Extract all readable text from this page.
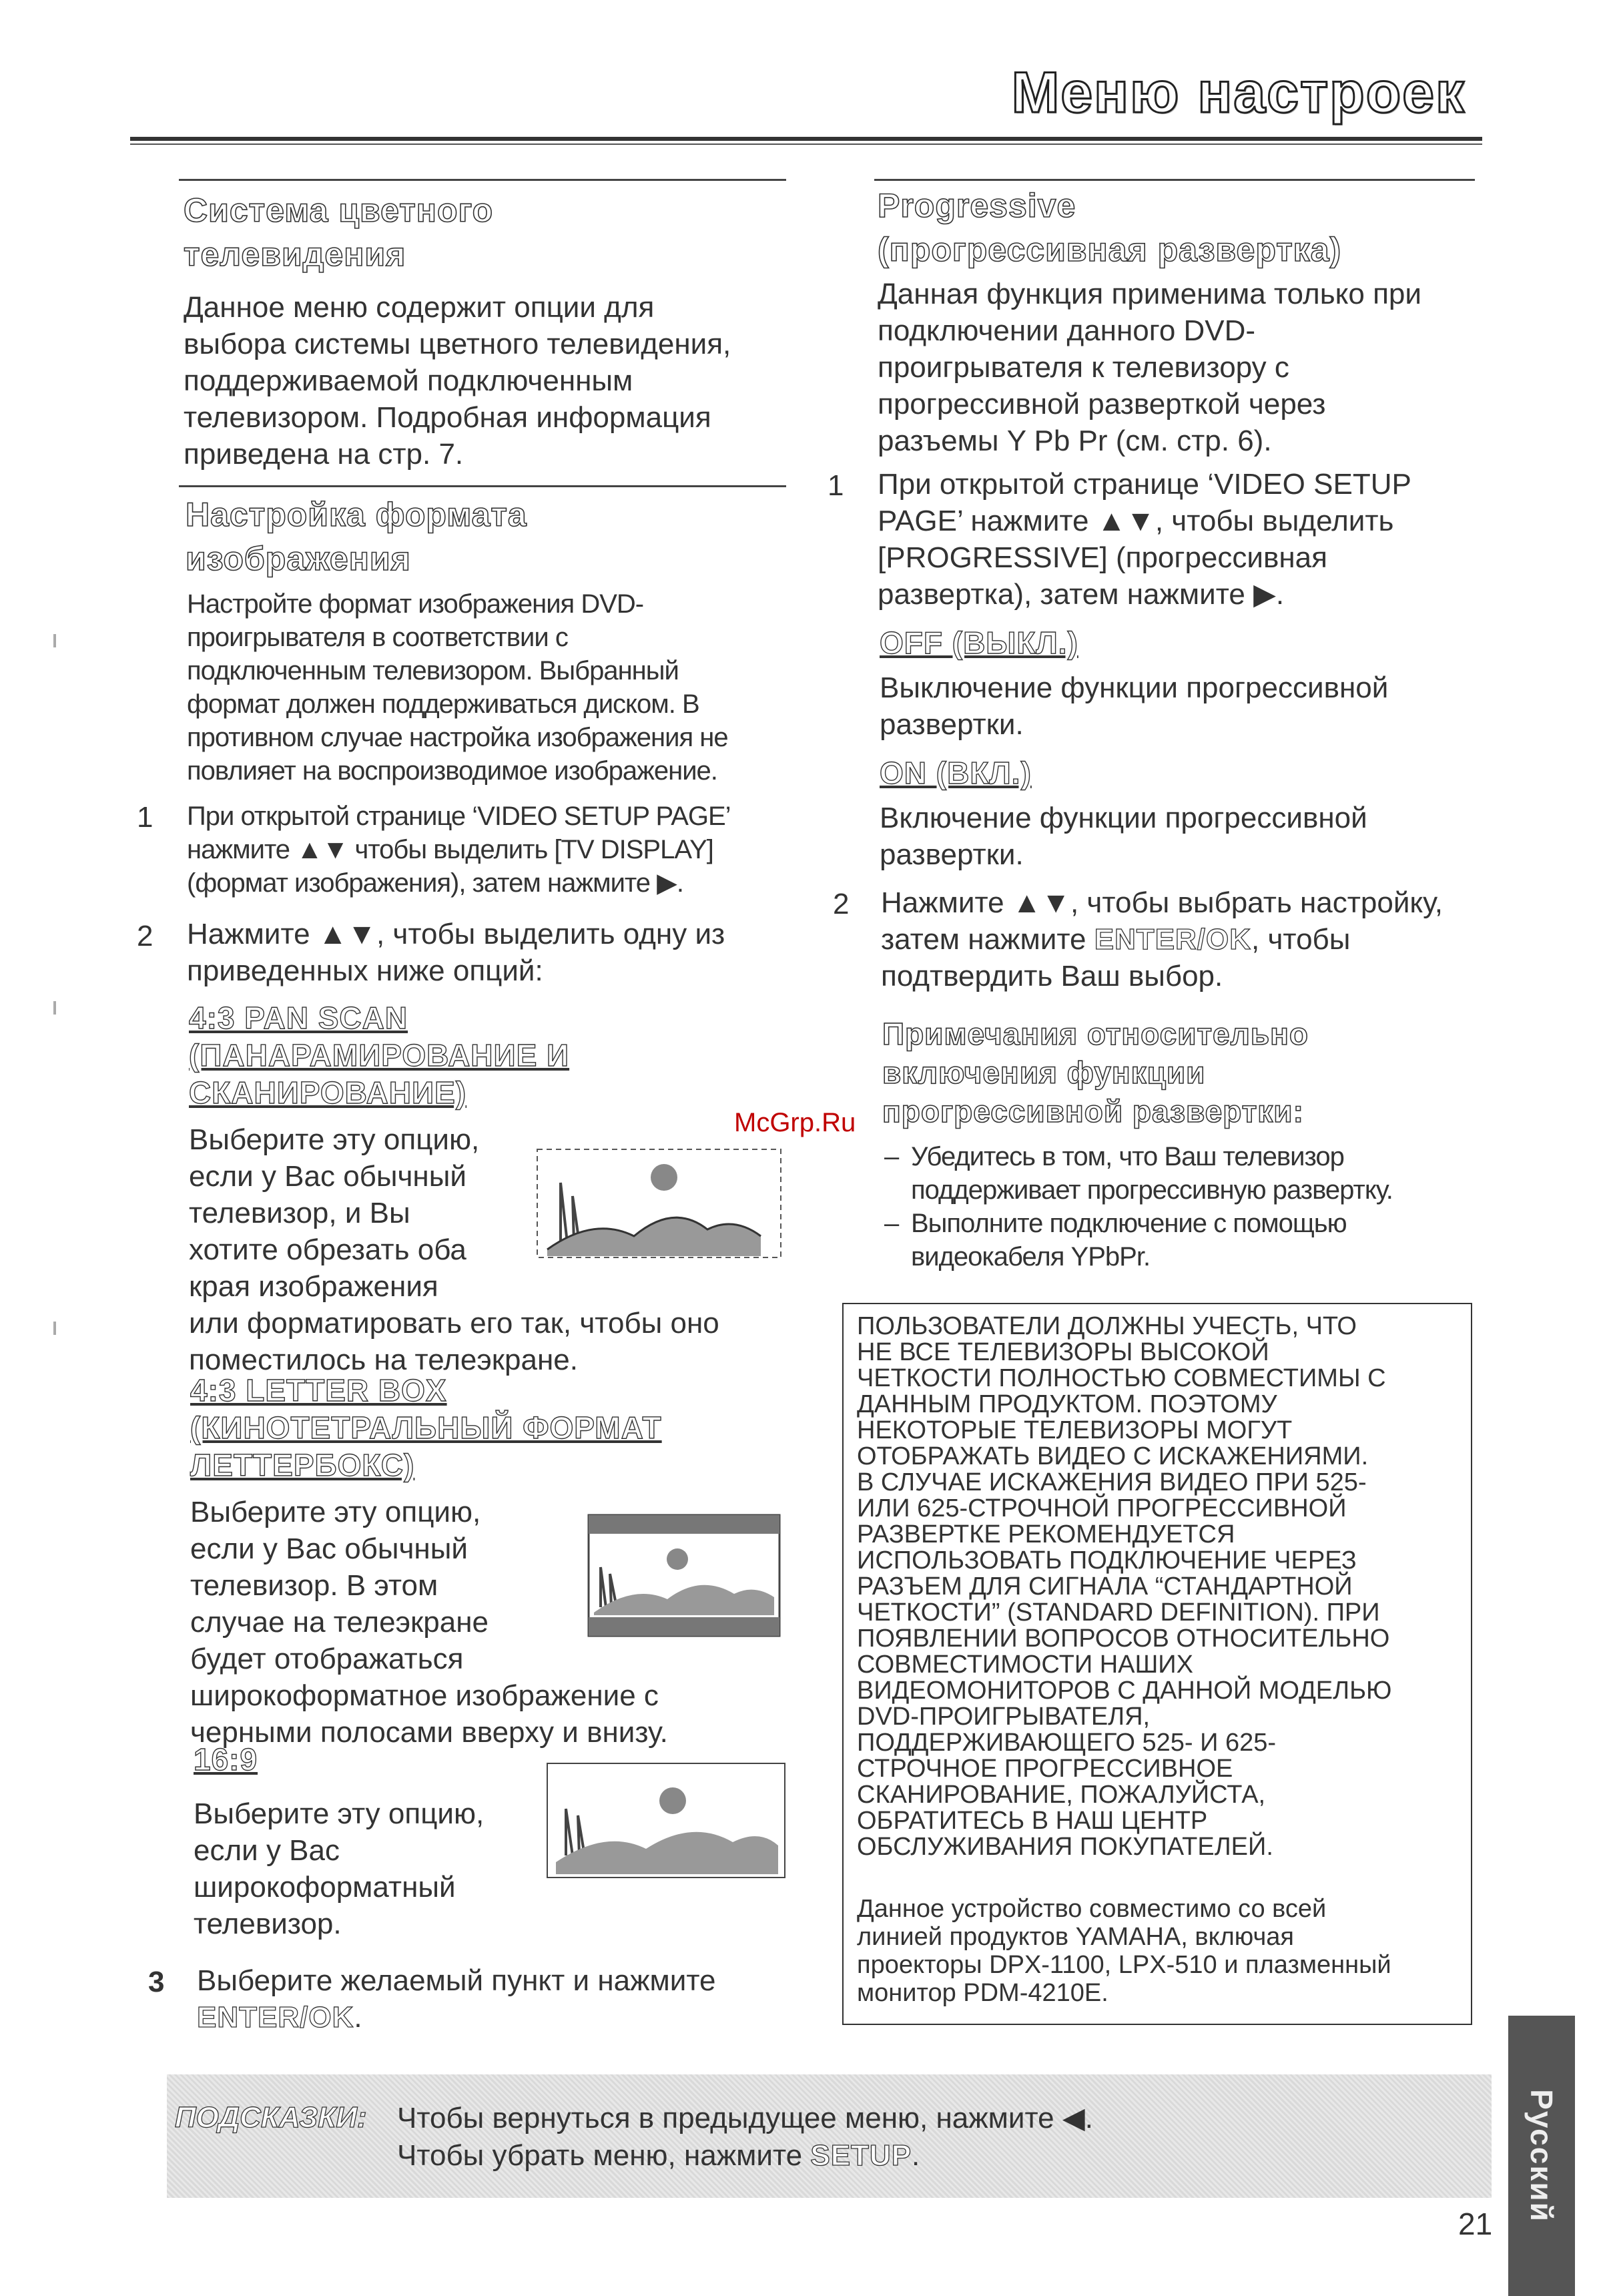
Меню настроек
Система цветного
телевидения
Данное меню содержит опции для
выбора системы цветного телевидения,
поддерживаемой подключенным
телевизором. Подробная информация
приведена на стр. 7.
Настройка формата
изображения
Настройте формат изображения DVD-
проигрывателя в соответствии с
подключенным телевизором. Выбранный
формат должен поддерживаться диском. В
противном случае настройка изображения не
повлияет на воспроизводимое изображение.
1 При открытой странице ‘VIDEO SETUP PAGE’
нажмите ▲▼ чтобы выделить [TV DISPLAY]
(формат изображения), затем нажмите ▶.
2 Нажмите ▲▼, чтобы выделить одну из
приведенных ниже опций:
4:3 PAN SCAN
(ПАНАРАМИРОВАНИЕ И
СКАНИРОВАНИЕ)
Выберите эту опцию,
если у Вас обычный
телевизор, и Вы
хотите обрезать оба
края изображения
или форматировать его так, чтобы оно
поместилось на телеэкране.
4:3 LETTER BOX
(КИНОТЕТРАЛЬНЫЙ ФОРМАТ
ЛЕТТЕРБОКС)
Выберите эту опцию,
если у Вас обычный
телевизор. В этом
случае на телеэкране
будет отображаться
широкоформатное изображение с
черными полосами вверху и внизу.
16:9
Выберите эту опцию,
если у Вас
широкоформатный
телевизор.
3 Выберите желаемый пункт и нажмите
ENTER/OK.
Progressive
(прогрессивная развертка)
Данная функция применима только при
подключении данного DVD-
проигрывателя к телевизору с
прогрессивной разверткой через
разъемы Y Pb Pr (см. стр. 6).
1 При открытой странице ‘VIDEO SETUP
PAGE’ нажмите ▲▼, чтобы выделить
[PROGRESSIVE] (прогрессивная
развертка), затем нажмите ▶.
OFF (ВЫКЛ.)
Выключение функции прогрессивной
развертки.
ON (ВКЛ.)
Включение функции прогрессивной
развертки.
2 Нажмите ▲▼, чтобы выбрать настройку,
затем нажмите ENTER/OK, чтобы
подтвердить Ваш выбор.
Примечания относительно
включения функции
прогрессивной развертки:
– Убедитесь в том, что Ваш телевизор
поддерживает прогрессивную развертку.
– Выполните подключение с помощью
видеокабеля YPbPr.
ПОЛЬЗОВАТЕЛИ ДОЛЖНЫ УЧЕСТЬ, ЧТО
НЕ ВСЕ ТЕЛЕВИЗОРЫ ВЫСОКОЙ
ЧЕТКОСТИ ПОЛНОСТЬЮ СОВМЕСТИМЫ С
ДАННЫМ ПРОДУКТОМ. ПОЭТОМУ
НЕКОТОРЫЕ ТЕЛЕВИЗОРЫ МОГУТ
ОТОБРАЖАТЬ ВИДЕО С ИСКАЖЕНИЯМИ.
В СЛУЧАЕ ИСКАЖЕНИЯ ВИДЕО ПРИ 525-
ИЛИ 625-СТРОЧНОЙ ПРОГРЕССИВНОЙ
РАЗВЕРТКЕ РЕКОМЕНДУЕТСЯ
ИСПОЛЬЗОВАТЬ ПОДКЛЮЧЕНИЕ ЧЕРЕЗ
РАЗЪЕМ ДЛЯ СИГНАЛА “СТАНДАРТНОЙ
ЧЕТКОСТИ” (STANDARD DEFINITION). ПРИ
ПОЯВЛЕНИИ ВОПРОСОВ ОТНОСИТЕЛЬНО
СОВМЕСТИМОСТИ НАШИХ
ВИДЕОМОНИТОРОВ С ДАННОЙ МОДЕЛЬЮ
DVD-ПРОИГРЫВАТЕЛЯ,
ПОДДЕРЖИВАЮЩЕГО 525- И 625-
СТРОЧНОЕ ПРОГРЕССИВНОЕ
СКАНИРОВАНИЕ, ПОЖАЛУЙСТА,
ОБРАТИТЕСЬ В НАШ ЦЕНТР
ОБСЛУЖИВАНИЯ ПОКУПАТЕЛЕЙ.
Данное устройство совместимо со всей
линией продуктов YAMAHA, включая
проекторы DPX-1100, LPX-510 и плазменный
монитор PDM-4210E.
McGrp.Ru
Русский
ПОДСКАЗКИ: Чтобы вернуться в предыдущее меню, нажмите ◀.
Чтобы убрать меню, нажмите SETUP.
21
